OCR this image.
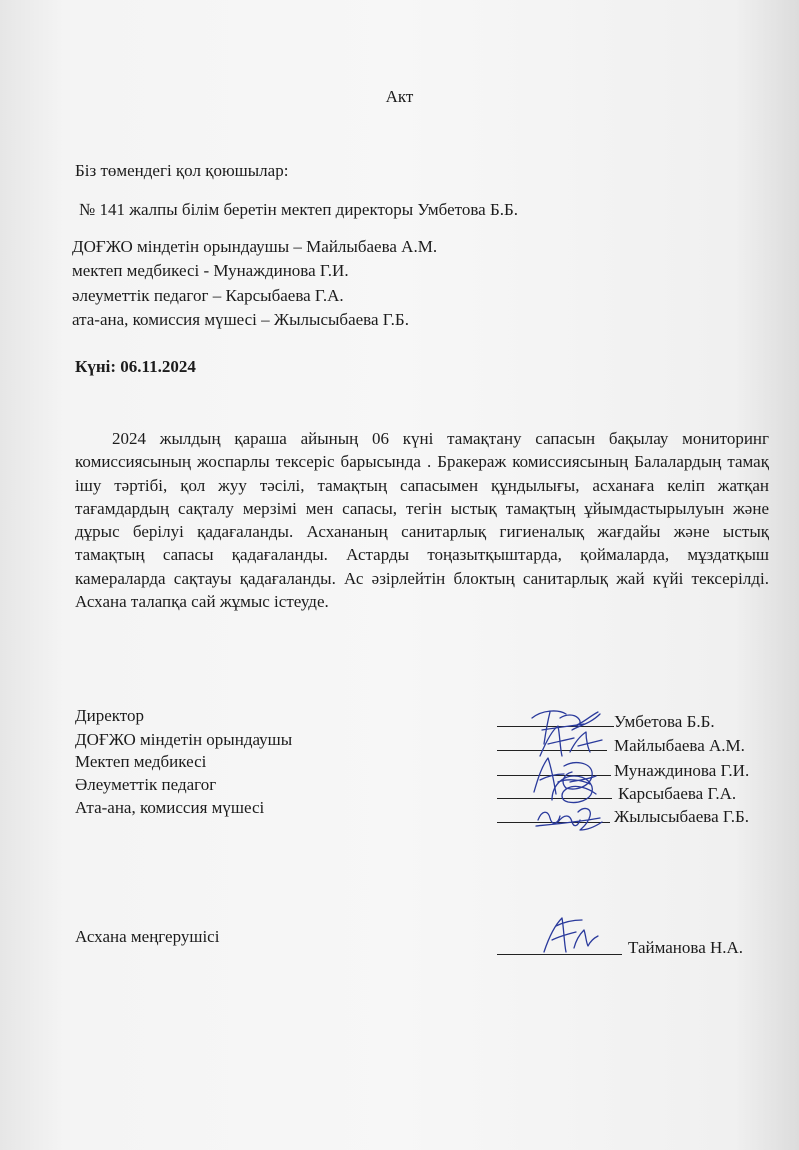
Акт
Біз төмендегі қол қоюшылар:
№ 141 жалпы білім беретін мектеп директоры Умбетова Б.Б.
ДОҒЖО міндетін орындаушы – Майлыбаева А.М.
мектеп медбикесі - Мунаждинова Г.И.
әлеуметтік педагог – Карсыбаева Г.А.
ата-ана, комиссия мүшесі – Жылысыбаева Г.Б.
Күні: 06.11.2024

2024 жылдың қараша айының 06 күні тамақтану сапасын бақылау мониторинг комиссиясының жоспарлы тексеріс барысында . Бракераж комиссиясының Балалардың тамақ ішу тәртібі, қол жуу тәсілі, тамақтың сапасымен құндылығы, асханаға келіп жатқан тағамдардың сақталу мерзімі мен сапасы, тегін ыстық тамақтың ұйымдастырылуын және дұрыс берілуі қадағаланды. Асхананың санитарлық гигиеналық жағдайы және ыстық тамақтың сапасы қадағаланды. Астарды тоңазытқыштарда, қоймаларда, мұздатқыш камераларда сақтауы қадағаланды. Ас әзірлейтін блоктың санитарлық жай күйі тексерілді. Асхана талапқа сай жұмыс істеуде.

Директор
ДОҒЖО міндетін орындаушы
Мектеп медбикесі
Әлеуметтік педагог
Ата-ана, комиссия мүшесі
Умбетова Б.Б.
Майлыбаева А.М.
Мунаждинова Г.И.
Карсыбаева Г.А.
Жылысыбаева Г.Б.
Асхана меңгерушісі
Тайманова Н.А.
